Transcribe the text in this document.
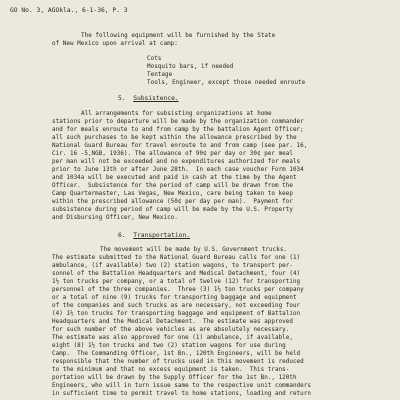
GO No. 3, AGOkla., 6-1-36, P. 3
The following equipment will be furnished by the State
of New Mexico upon arrival at camp:
Cots
Mosquito bars, if needed
Tentage
Tools, Engineer, except those needed enroute
5. Subsistence.
All arrangements for subsisting organizations at home
stations prior to departure will be made by the organization commander
and for meals enroute to and from camp by the battalion Agent Officer;
all such purchases to be kept within the allowance prescribed by the
National Guard Bureau for travel enroute to and from camp (see par. 16,
Cir. 16 -5,NGB, 1936). The allowance of 90¢ per day or 30¢ per meal
per man will not be exceeded and no expenditures authorized for meals
prior to June 13th or after June 28th.  In each case voucher Form 1034
and 1034a will be executed and paid in cash at the time by the Agent
Officer.  Subsistence for the period of camp will be drawn from the
Camp Quartermaster, Las Vegas, New Mexico, care being taken to keep
within the prescribed allowance (50¢ per day per man).  Payment for
subsistence during period of camp will be made by the U.S. Property
and Disbursing Officer, New Mexico.
6. Transportation.
The movement will be made by U.S. Government trucks.
The estimate submitted to the National Guard Bureau calls for one (1)
ambulance, (if available) two (2) station wagons, to transport per-
sonnel of the Battalion Headquarters and Medical Detachment, four (4)
1½ ton trucks per company, or a total of twelve (12) for transporting
personnel of the three companies.  Three (3) 1½ ton trucks per company
or a total of nine (9) trucks for transporting baggage and equipment
of the companies and such trucks as are necessary, not exceeding four
(4) 1½ ton trucks for transporting baggage and equipment of Battalion
Headquarters and the Medical Detachment.  The estimate was approved
for such number of the above vehicles as are absolutely necessary.
The estimate was also approved for one (1) ambulance, if available,
eight (8) 1½ ton trucks and two (2) station wagons for use during
Camp.  The Commanding Officer, 1st Bn., 120th Engineers, will be held
responsible that the number of trucks used in this movement is reduced
to the minimum and that no excess equipment is taken.  This trans-
portation will be drawn by the Supply Officer for the 1st Bn., 120th
Engineers, who will in turn issue same to the respective unit commanders
in sufficient time to permit travel to home stations, loading and return
